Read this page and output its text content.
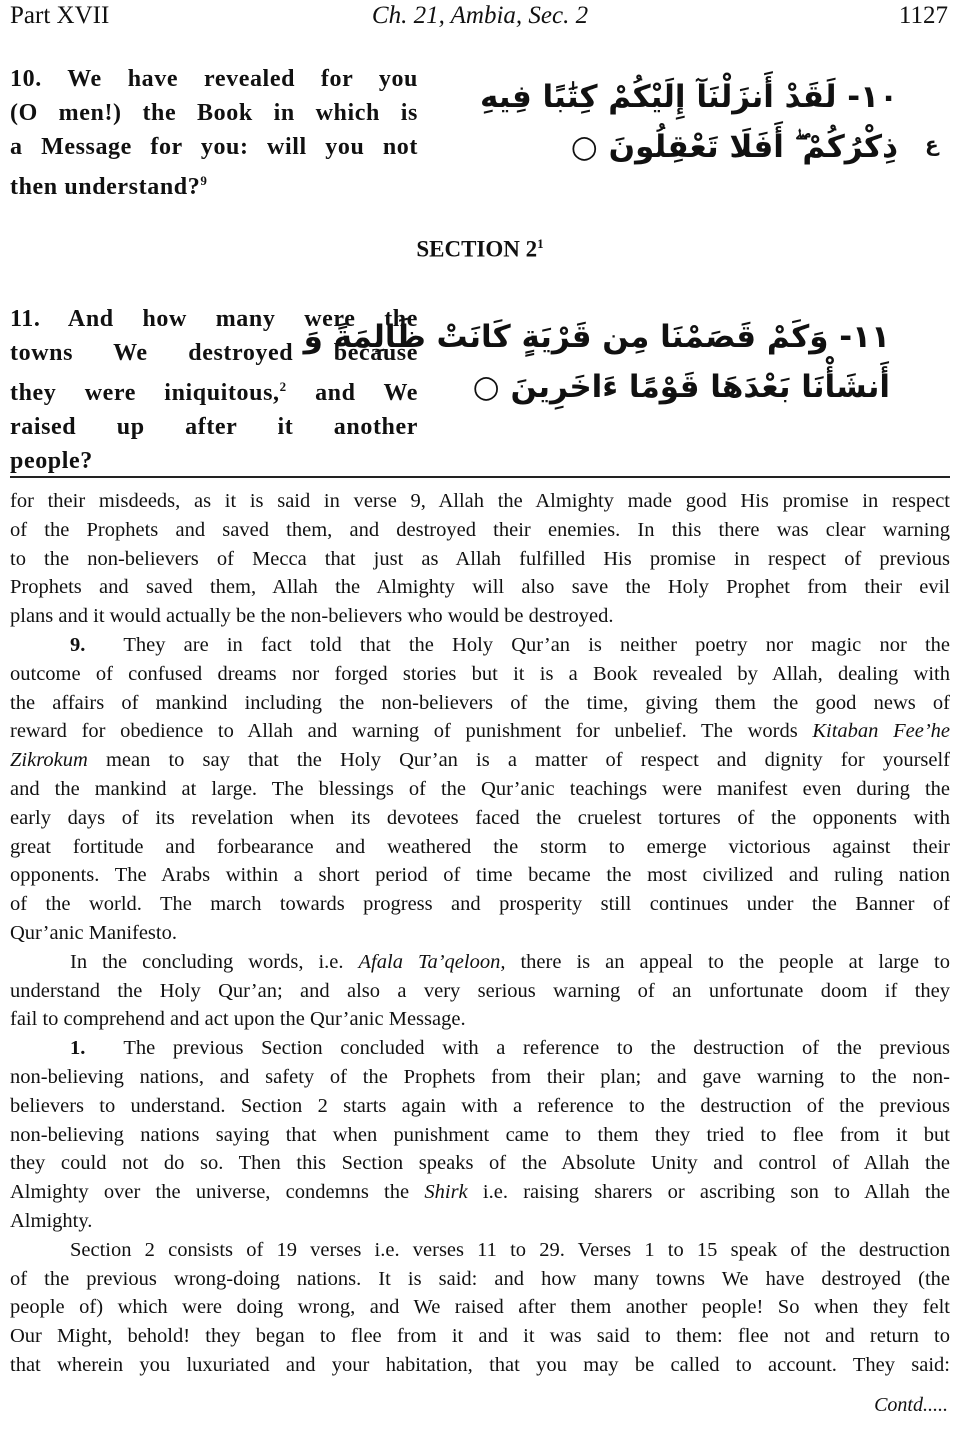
Part XVII	Ch. 21, Ambia, Sec. 2	1127
10. We have revealed for you
(O men!) the Book in which is
a Message for you: will you not
then understand?$^9$
١٠- لَقَدْ أَنزَلْنَآ إِلَيْكُمْ كِتَٰبًا فِيهِ
ذِكْرُكُمْ ۖ أَفَلَا تَعْقِلُونَ ○ ع
SECTION $2^1$
11. And how many were the
towns We destroyed because
they were iniquitous,$^2$ and We
raised up after it another
people?
١١- وَكَمْ قَصَمْنَا مِن قَرْيَةٍ كَانَتْ ظَالِمَةً وَ
أَنشَأْنَا بَعْدَهَا قَوْمًا ءَاخَرِينَ ○
for their misdeeds, as it is said in verse 9, Allah the Almighty made good His promise in respect
of the Prophets and saved them, and destroyed their enemies. In this there was clear warning
to the non-believers of Mecca that just as Allah fulfilled His promise in respect of previous
Prophets and saved them, Allah the Almighty will also save the Holy Prophet from their evil
plans and it would actually be the non-believers who would be destroyed.
9. They are in fact told that the Holy Qur’an is neither poetry nor magic nor the
outcome of confused dreams nor forged stories but it is a Book revealed by Allah, dealing with
the affairs of mankind including the non-believers of the time, giving them the good news of
reward for obedience to Allah and warning of punishment for unbelief. The words Kitaban Fee’he
Zikrokum mean to say that the Holy Qur’an is a matter of respect and dignity for yourself
and the mankind at large. The blessings of the Qur’anic teachings were manifest even during the
early days of its revelation when its devotees faced the cruelest tortures of the opponents with
great fortitude and forbearance and weathered the storm to emerge victorious against their
opponents. The Arabs within a short period of time became the most civilized and ruling nation
of the world. The march towards progress and prosperity still continues under the Banner of
Qur’anic Manifesto.
In the concluding words, i.e. Afala Ta’qeloon, there is an appeal to the people at large to
understand the Holy Qur’an; and also a very serious warning of an unfortunate doom if they
fail to comprehend and act upon the Qur’anic Message.
1. The previous Section concluded with a reference to the destruction of the previous
non-believing nations, and safety of the Prophets from their plan; and gave warning to the non-
believers to understand. Section 2 starts again with a reference to the destruction of the previous
non-believing nations saying that when punishment came to them they tried to flee from it but
they could not do so. Then this Section speaks of the Absolute Unity and control of Allah the
Almighty over the universe, condemns the Shirk i.e. raising sharers or ascribing son to Allah the
Almighty.
Section 2 consists of 19 verses i.e. verses 11 to 29. Verses 1 to 15 speak of the destruction
of the previous wrong-doing nations. It is said: and how many towns We have destroyed (the
people of) which were doing wrong, and We raised after them another people! So when they felt
Our Might, behold! they began to flee from it and it was said to them: flee not and return to
that wherein you luxuriated and your habitation, that you may be called to account. They said:
Contd.....
